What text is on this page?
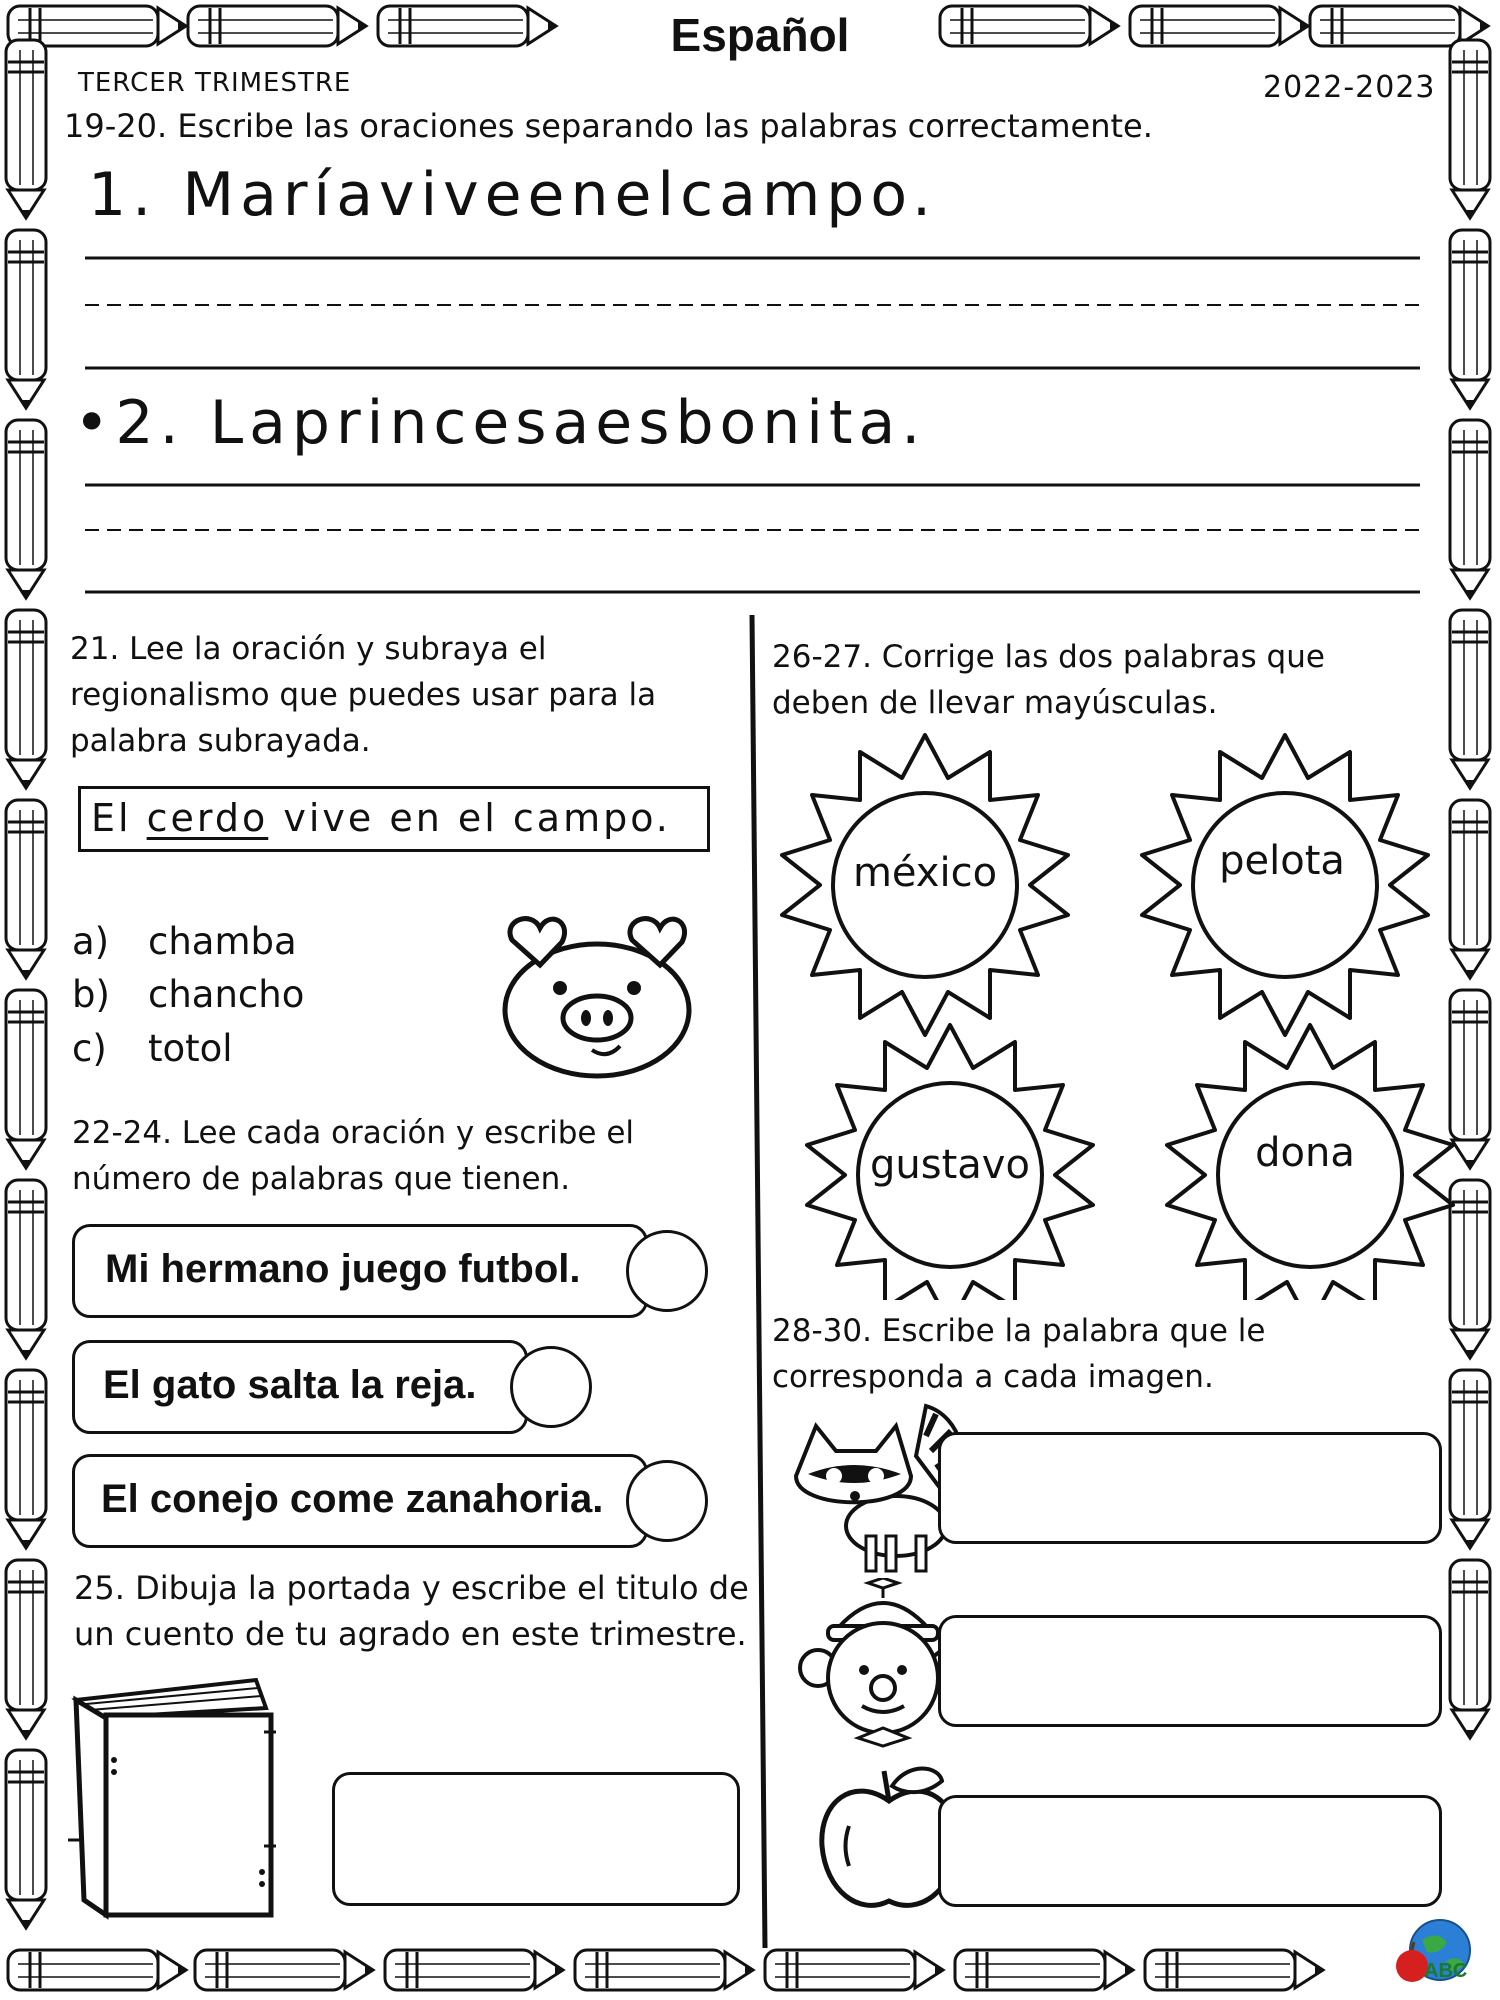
Español
TERCER TRIMESTRE	2022-2023
19-20. Escribe las oraciones separando las palabras correctamente.
1. Maríaviveenelcampo.
•2. Laprincesaesbonita.
21. Lee la oración y subraya el
regionalismo que puedes usar para la
palabra subrayada.
El cerdo vive en el campo.
a) chamba
b) chancho
c) totol
22-24. Lee cada oración y escribe el
número de palabras que tienen.
Mi hermano juego futbol.
El gato salta la reja.
El conejo come zanahoria.
25. Dibuja la portada y escribe el titulo de
un cuento de tu agrado en este trimestre.
26-27. Corrige las dos palabras que
deben de llevar mayúsculas.
méxico	pelota
gustavo	dona
28-30. Escribe la palabra que le
corresponda a cada imagen.
ABC
